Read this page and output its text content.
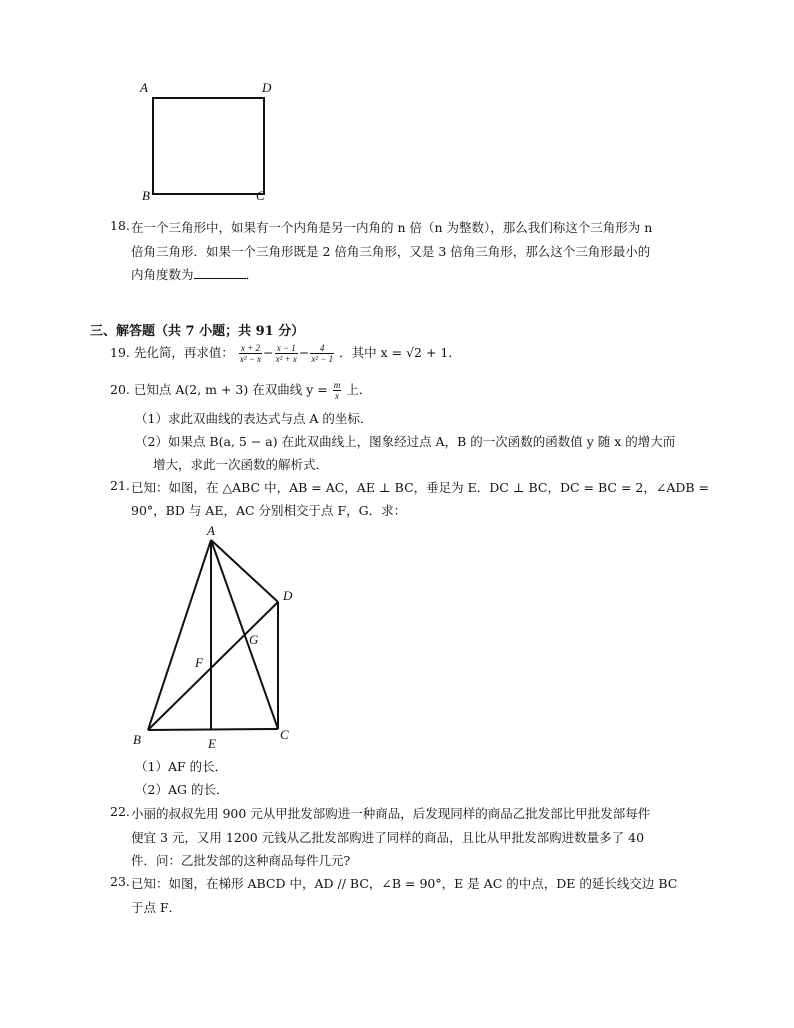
A	D
B	C
18. 在一个三角形中，如果有一个内角是另一内角的 n 倍（n 为整数），那么我们称这个三角形为 n
倍角三角形．如果一个三角形既是 2 倍角三角形，又是 3 倍角三角形，那么这个三角形最小的
内角度数为	．
三、解答题（共 7 小题；共 91 分）
19. 先化简，再求值： $\frac{x + 2}{\text{x² − x}} - \frac{x - 1}{\text{x² + x}} - \frac{4}{\text{x² − 1}}$ ．其中 x = √2 + 1．
20. 已知点 A(2, m + 3) 在双曲线 $y = \frac{m}{x}$ 上．
（1）求此双曲线的表达式与点 A 的坐标．
（2）如果点 B(a, 5 − a) 在此双曲线上，图象经过点 A，B 的一次函数的函数值 y 随 x 的增大而
增大，求此一次函数的解析式．
21. 已知：如图，在 △ABC 中，AB = AC，AE ⊥ BC，垂足为 E．DC ⊥ BC，DC = BC = 2，∠ADB =
90°，BD 与 AE，AC 分别相交于点 F，G．求：
A
D
G
F
B	E
C
（1）AF 的长．
（2）AG 的长．
22. 小丽的叔叔先用 900 元从甲批发部购进一种商品，后发现同样的商品乙批发部比甲批发部每件
便宜 3 元，又用 1200 元钱从乙批发部购进了同样的商品，且比从甲批发部购进数量多了 40
件．问：乙批发部的这种商品每件几元?
23. 已知：如图，在梯形 ABCD 中，AD // BC，∠B = 90°，E 是 AC 的中点，DE 的延长线交边 BC
于点 F．
